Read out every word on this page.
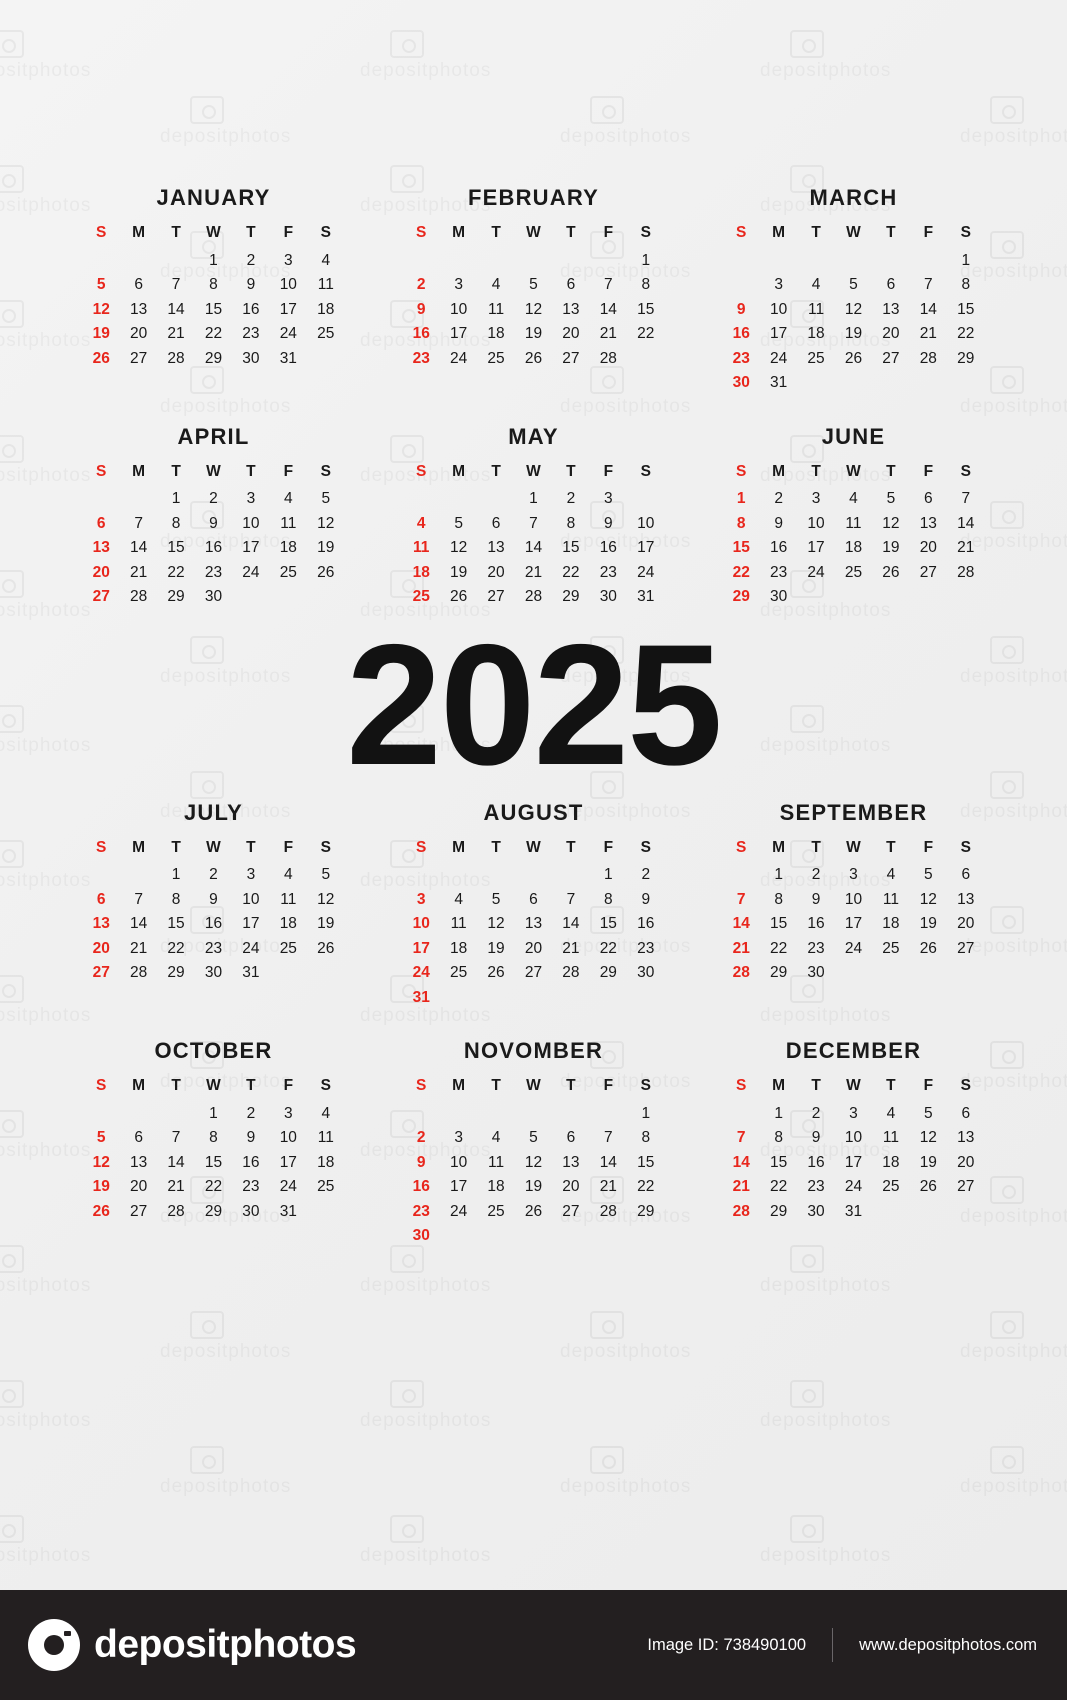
JANUARY
S	M	T	W	T	F	S
			1	2	3	4
5	6	7	8	9	10	11
12	13	14	15	16	17	18
19	20	21	22	23	24	25
26	27	28	29	30	31	
FEBRUARY
S	M	T	W	T	F	S
						1
2	3	4	5	6	7	8
9	10	11	12	13	14	15
16	17	18	19	20	21	22
23	24	25	26	27	28	
MARCH
S	M	T	W	T	F	S
						1
	3	4	5	6	7	8
9	10	11	12	13	14	15
16	17	18	19	20	21	22
23	24	25	26	27	28	29
30	31					
APRIL
S	M	T	W	T	F	S
		1	2	3	4	5
6	7	8	9	10	11	12
13	14	15	16	17	18	19
20	21	22	23	24	25	26
27	28	29	30			
MAY
S	M	T	W	T	F	S
			1	2	3	
4	5	6	7	8	9	10
11	12	13	14	15	16	17
18	19	20	21	22	23	24
25	26	27	28	29	30	31
JUNE
S	M	T	W	T	F	S
1	2	3	4	5	6	7
8	9	10	11	12	13	14
15	16	17	18	19	20	21
22	23	24	25	26	27	28
29	30					
2025
JULY
S	M	T	W	T	F	S
		1	2	3	4	5
6	7	8	9	10	11	12
13	14	15	16	17	18	19
20	21	22	23	24	25	26
27	28	29	30	31		
AUGUST
S	M	T	W	T	F	S
					1	2
3	4	5	6	7	8	9
10	11	12	13	14	15	16
17	18	19	20	21	22	23
24	25	26	27	28	29	30
31						
SEPTEMBER
S	M	T	W	T	F	S
	1	2	3	4	5	6
7	8	9	10	11	12	13
14	15	16	17	18	19	20
21	22	23	24	25	26	27
28	29	30				
OCTOBER
S	M	T	W	T	F	S
			1	2	3	4
5	6	7	8	9	10	11
12	13	14	15	16	17	18
19	20	21	22	23	24	25
26	27	28	29	30	31	
NOVOMBER
S	M	T	W	T	F	S
						1
2	3	4	5	6	7	8
9	10	11	12	13	14	15
16	17	18	19	20	21	22
23	24	25	26	27	28	29
30						
DECEMBER
S	M	T	W	T	F	S
	1	2	3	4	5	6
7	8	9	10	11	12	13
14	15	16	17	18	19	20
21	22	23	24	25	26	27
28	29	30	31			
depositphotos	Image ID: 738490100	www.depositphotos.com
